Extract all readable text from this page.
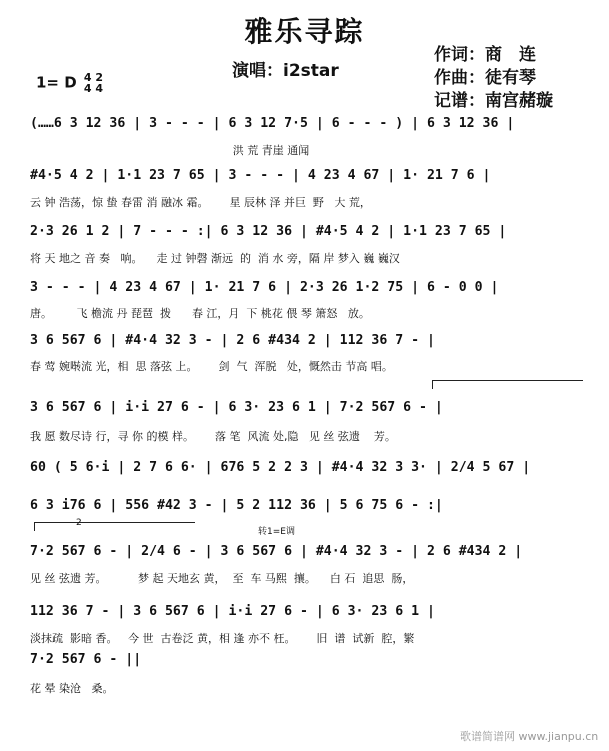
雅乐寻踪
演唱：i2star
作词：商　连
作曲：徒有琴
记谱：南宫赭璇
1= D 4 2
4 4
(……6 3 12 36 | 3 - - - | 6 3 12 7·5 | 6 - - - ) | 6 3 12 36 |
洪 荒 青崖 通闻
#4·5 4 2 | 1·1 23 7 65 | 3 - - - | 4 23 4 67 | 1· 21 7 6 |
云 钟 浩荡，惊 蛰 春雷 消 融冰 霜。      星 辰林 泽 并巨  野   大 荒，
2·3 26 1 2 | 7 - - - :| 6 3 12 36 | #4·5 4 2 | 1·1 23 7 65 |
将 天 地之 音 奏   响。    走 过 钟磬 渐远  的  消 水 旁，隔 岸 梦入 巍 巍汉
3 - - - | 4 23 4 67 | 1· 21 7 6 | 2·3 26 1·2 75 | 6 - 0 0 |
唐。       飞 檐流 丹 琵琶  拨      春 江，月  下 桃花 偎 琴 箫怒   放。
3 6 567 6 | #4·4 32 3 - | 2 6 #434 2 | 112 36 7 - |
春 莺 婉啭流 光，相  思 落弦 上。      剑  气  浑脱   处，慨然击 节高 唱。
3 6 567 6 | i·i 27 6 - | 6 3· 23 6 1 | 7·2 567 6 - |
我 愿 数尽诗 行，寻 你 的模 样。      落 笔  风流 处,隐   见 丝 弦遗    芳。
60 ( 5 6·i | 2 7 6 6· | 676 5 2 2 3 | #4·4 32 3 3· | 2/4 5 67 |
6 3 i76 6 | 556 #42 3 - | 5 2 112 36 | 5 6 75 6 - :|
2
转1=E调
7·2 567 6 - | 2/4 6 - | 3 6 567 6 | #4·4 32 3 - | 2 6 #434 2 |
见 丝 弦遗 芳。         梦 起 天地玄 黄，  至  车 马熙  攘。    白 石  追思  肠，
112 36 7 - | 3 6 567 6 | i·i 27 6 - | 6 3· 23 6 1 |
淡抹疏  影暗 香。   今 世  古卷泛 黄，相 逢 亦不 枉。      旧  谱  试新  腔，繁
7·2 567 6 - ||
花 晕 染沧   桑。
歌谱简谱网 www.jianpu.cn
